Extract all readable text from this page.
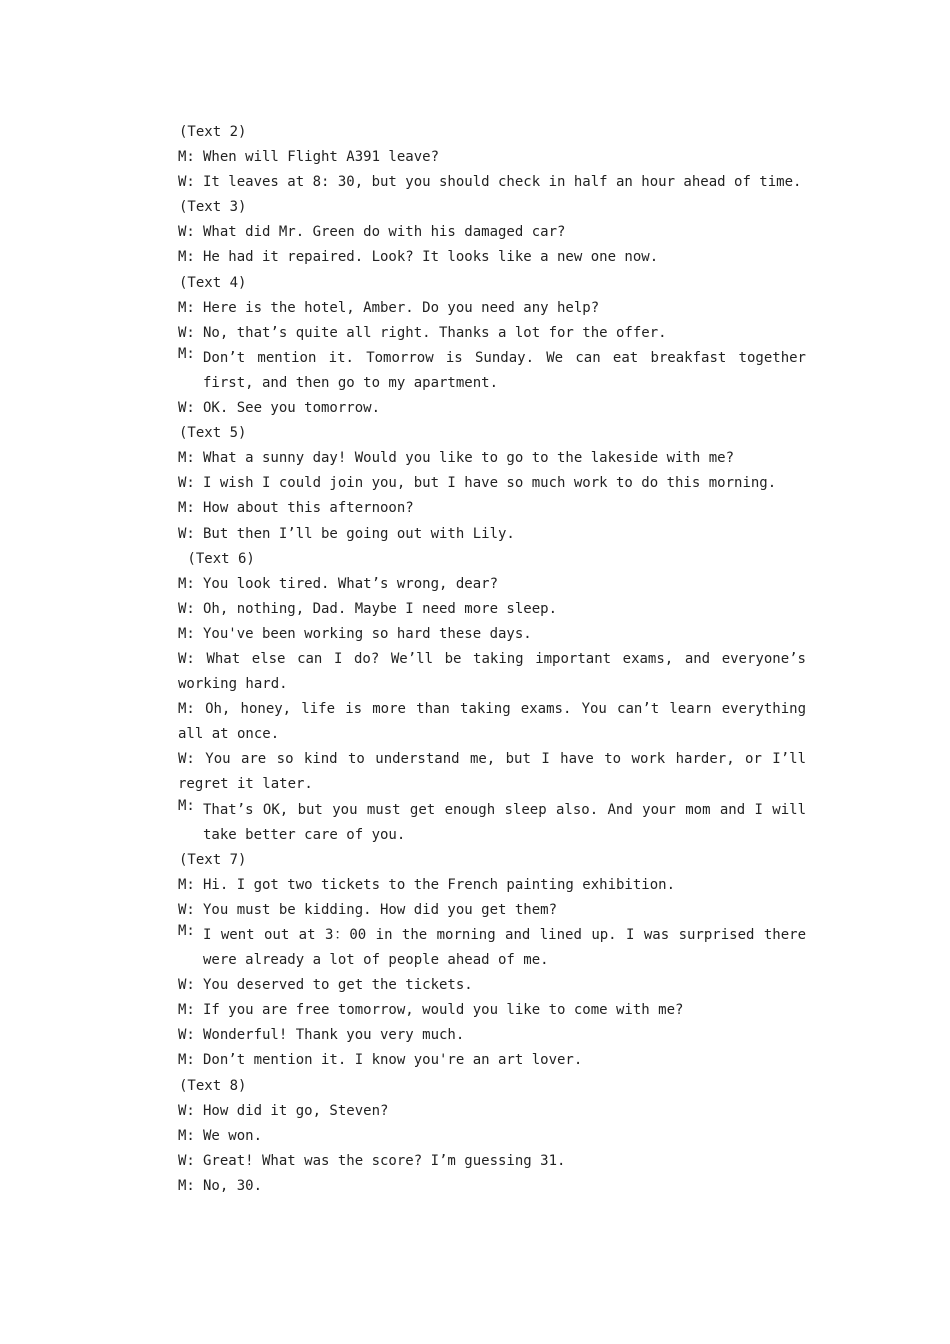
(Text 2)
M: When will Flight A391 leave?
W: It leaves at 8: 30, but you should check in half an hour ahead of time.
(Text 3)
W: What did Mr. Green do with his damaged car?
M: He had it repaired. Look? It looks like a new one now.
(Text 4)
M: Here is the hotel, Amber. Do you need any help?
W: No, that’s quite all right. Thanks a lot for the offer.
M: Don’t mention it. Tomorrow is Sunday. We can eat breakfast together first, and then go to my apartment.
W: OK. See you tomorrow.
(Text 5)
M: What a sunny day! Would you like to go to the lakeside with me?
W: I wish I could join you, but I have so much work to do this morning.
M: How about this afternoon?
W: But then I’ll be going out with Lily.
(Text 6)
M: You look tired. What’s wrong, dear?
W: Oh, nothing, Dad. Maybe I need more sleep.
M: You've been working so hard these days.
W: What else can I do? We’ll be taking important exams, and everyone’s working hard.
M: Oh, honey, life is more than taking exams. You can’t learn everything all at once.
W: You are so kind to understand me, but I have to work harder, or I’ll regret it later.
M: That’s OK, but you must get enough sleep also. And your mom and I will take better care of you.
(Text 7)
M: Hi. I got two tickets to the French painting exhibition.
W: You must be kidding. How did you get them?
M: I went out at 3：00 in the morning and lined up. I was surprised there were already a lot of people ahead of me.
W: You deserved to get the tickets.
M: If you are free tomorrow, would you like to come with me?
W: Wonderful! Thank you very much.
M: Don’t mention it. I know you're an art lover.
(Text 8)
W: How did it go, Steven?
M: We won.
W: Great! What was the score? I’m guessing 31.
M: No, 30.
